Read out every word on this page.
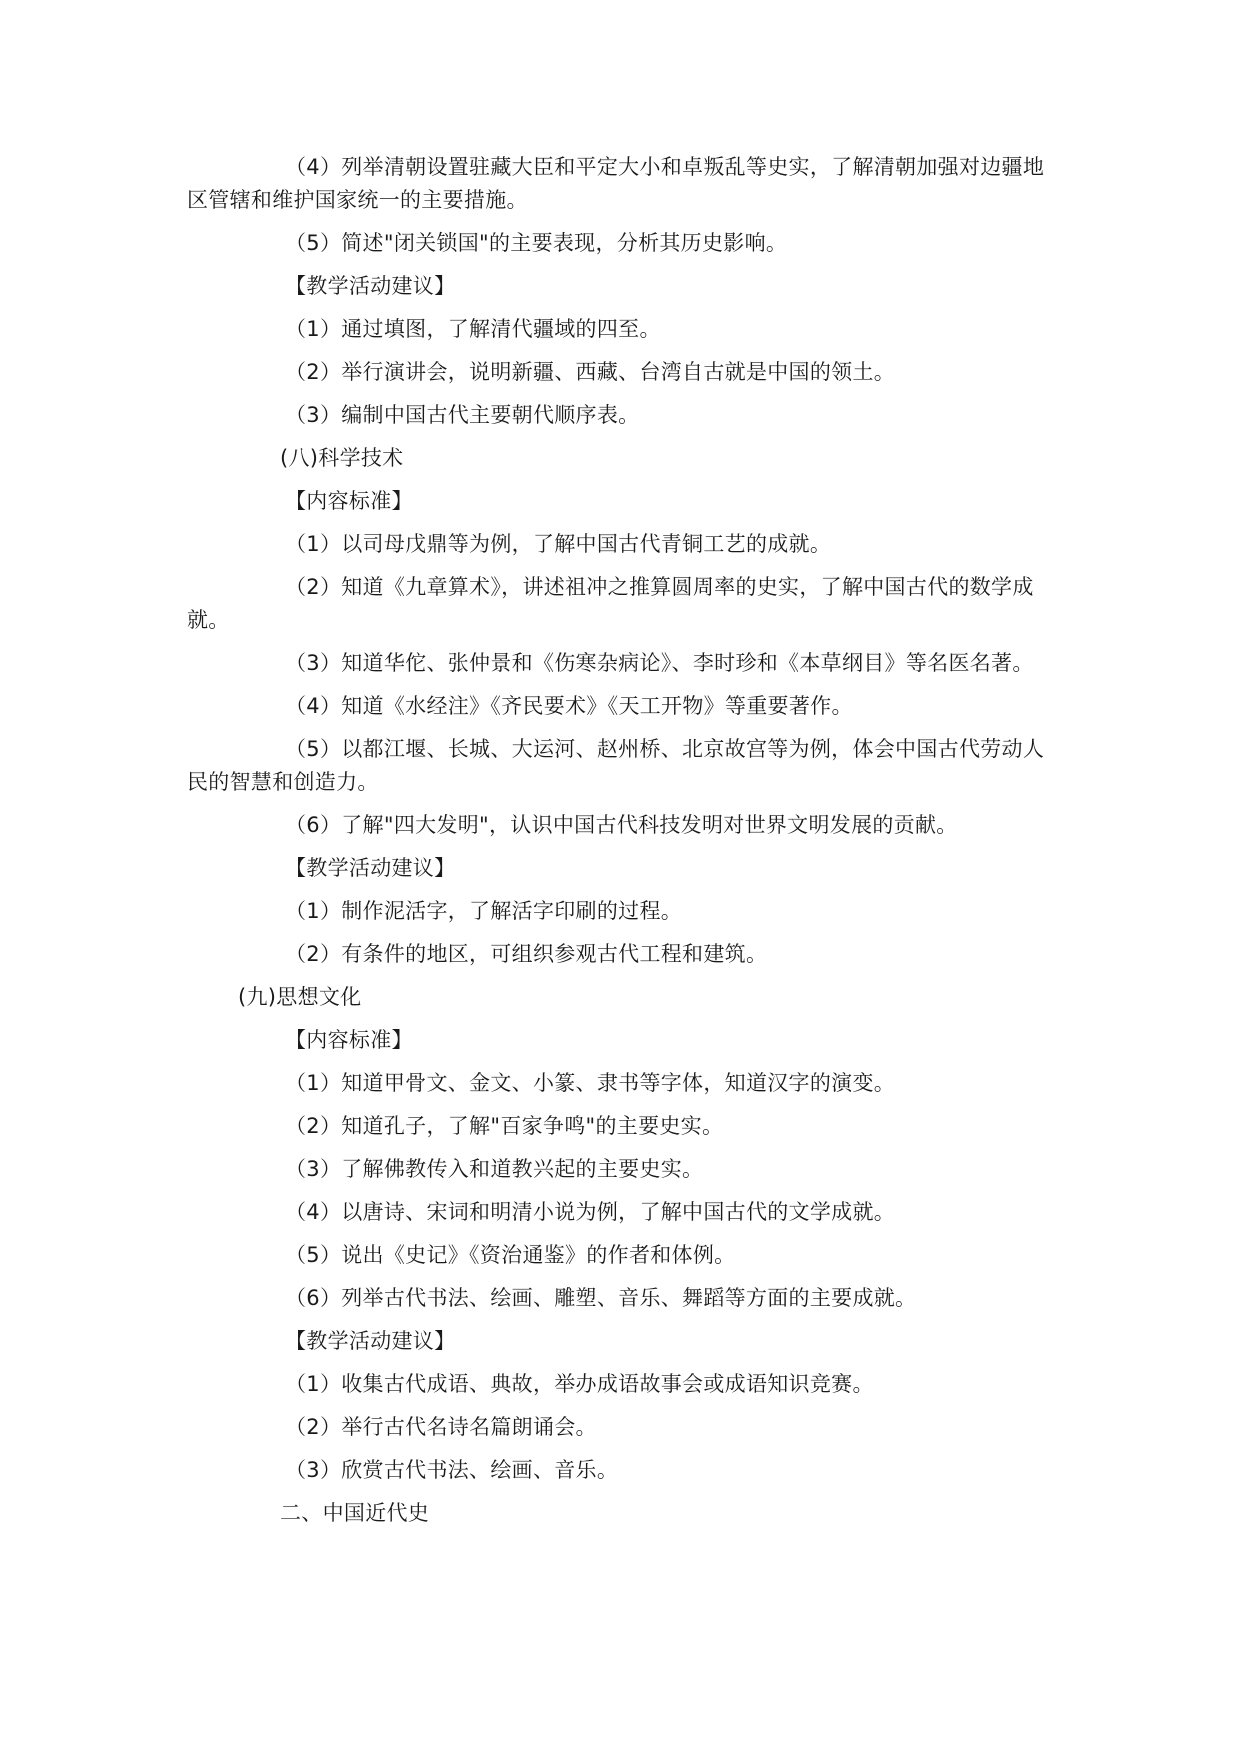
（4）列举清朝设置驻藏大臣和平定大小和卓叛乱等史实，了解清朝加强对边疆地

区管辖和维护国家统一的主要措施。

（5）简述"闭关锁国"的主要表现，分析其历史影响。

【教学活动建议】

（1）通过填图，了解清代疆域的四至。

（2）举行演讲会，说明新疆、西藏、台湾自古就是中国的领土。

（3）编制中国古代主要朝代顺序表。

(八)科学技术

【内容标准】

（1）以司母戊鼎等为例，了解中国古代青铜工艺的成就。

（2）知道《九章算术》，讲述祖冲之推算圆周率的史实，了解中国古代的数学成

就。

（3）知道华佗、张仲景和《伤寒杂病论》、李时珍和《本草纲目》等名医名著。

（4）知道《水经注》《齐民要术》《天工开物》等重要著作。

（5）以都江堰、长城、大运河、赵州桥、北京故宫等为例，体会中国古代劳动人

民的智慧和创造力。

（6）了解"四大发明"，认识中国古代科技发明对世界文明发展的贡献。

【教学活动建议】

（1）制作泥活字，了解活字印刷的过程。

（2）有条件的地区，可组织参观古代工程和建筑。

(九)思想文化

【内容标准】

（1）知道甲骨文、金文、小篆、隶书等字体，知道汉字的演变。

（2）知道孔子，了解"百家争鸣"的主要史实。

（3）了解佛教传入和道教兴起的主要史实。

（4）以唐诗、宋词和明清小说为例，了解中国古代的文学成就。

（5）说出《史记》《资治通鉴》的作者和体例。

（6）列举古代书法、绘画、雕塑、音乐、舞蹈等方面的主要成就。

【教学活动建议】

（1）收集古代成语、典故，举办成语故事会或成语知识竞赛。

（2）举行古代名诗名篇朗诵会。

（3）欣赏古代书法、绘画、音乐。

二、中国近代史
